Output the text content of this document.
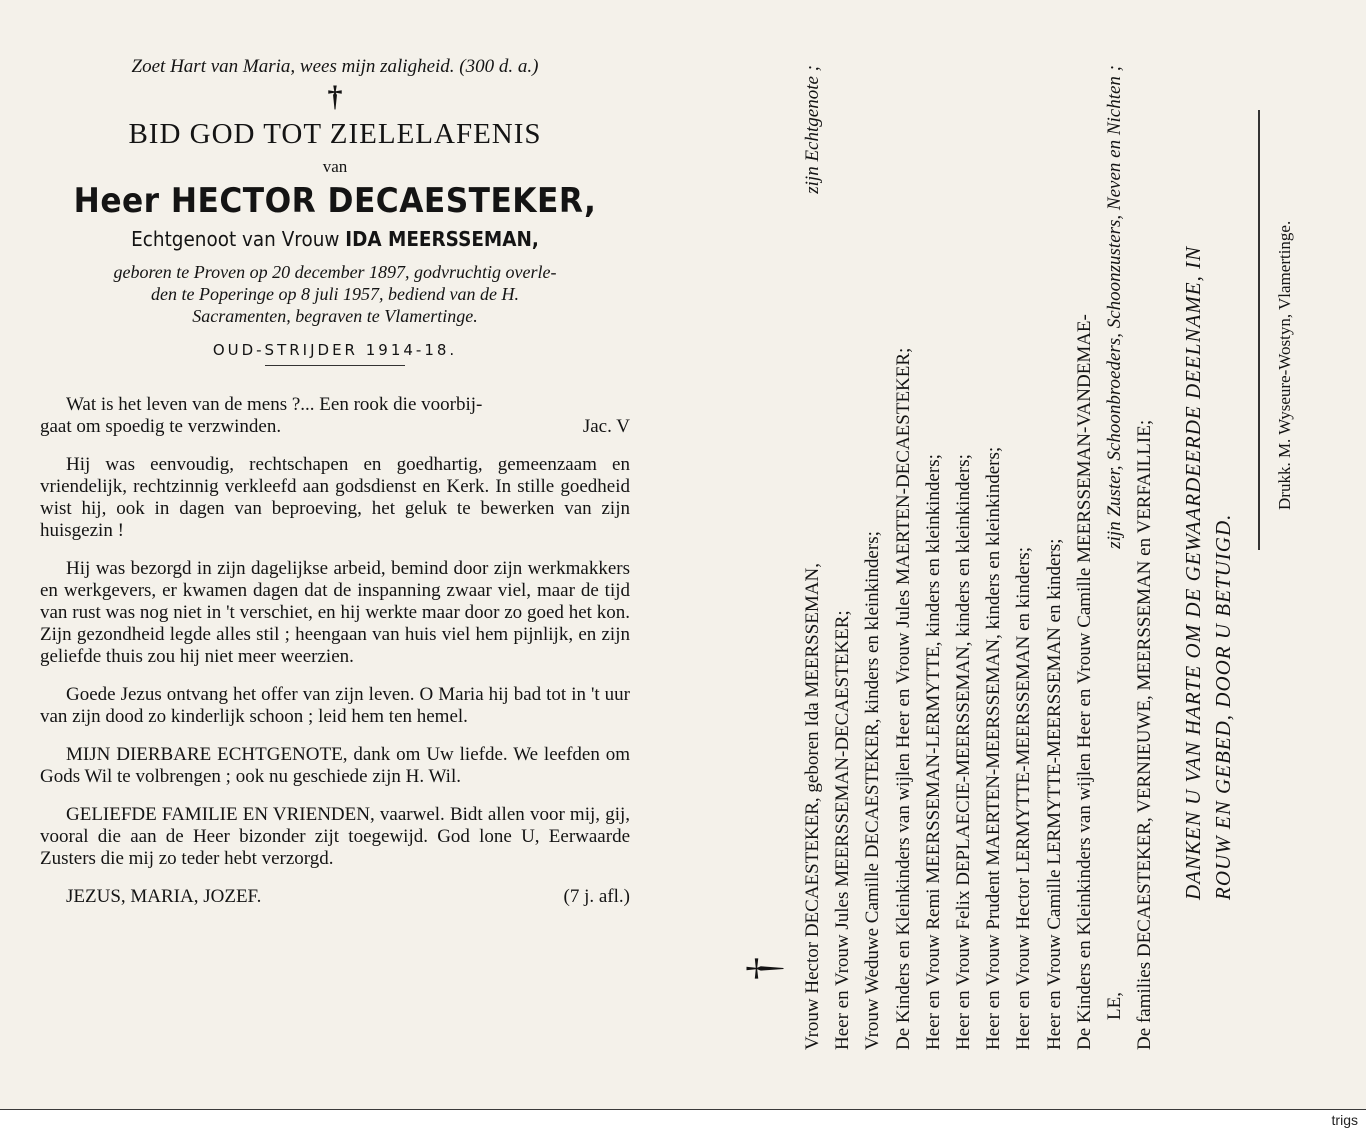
Zoet Hart van Maria, wees mijn zaligheid. (300 d. a.)

†

BID GOD TOT ZIELELAFENIS

van

Heer HECTOR DECAESTEKER,

Echtgenoot van Vrouw IDA MEERSSEMAN,

geboren te Proven op 20 december 1897, godvruchtig overle-

den te Poperinge op 8 juli 1957, bediend van de H.

Sacramenten, begraven te Vlamertinge.

OUD-STRIJDER 1914-18.

Wat is het leven van de mens ?... Een rook die voorbij-
gaat om spoedig te verzwinden.	Jac. V

Hij was eenvoudig, rechtschapen en goedhartig, gemeenzaam en vriendelijk, rechtzinnig verkleefd aan godsdienst en Kerk. In stille goedheid wist hij, ook in dagen van beproeving, het geluk te bewerken van zijn huisgezin !

Hij was bezorgd in zijn dagelijkse arbeid, bemind door zijn werkmakkers en werkgevers, er kwamen dagen dat de inspanning zwaar viel, maar de tijd van rust was nog niet in 't verschiet, en hij werkte maar door zo goed het kon. Zijn gezondheid legde alles stil ; heengaan van huis viel hem pijnlijk, en zijn geliefde thuis zou hij niet meer weerzien.

Goede Jezus ontvang het offer van zijn leven. O Maria hij bad tot in 't uur van zijn dood zo kinderlijk schoon ; leid hem ten hemel.

MIJN DIERBARE ECHTGENOTE, dank om Uw liefde. We leefden om Gods Wil te volbrengen ; ook nu geschiede zijn H. Wil.

GELIEFDE FAMILIE EN VRIENDEN, vaarwel. Bidt allen voor mij, gij, vooral die aan de Heer bizonder zijt toegewijd. God lone U, Eerwaarde Zusters die mij zo teder hebt verzorgd.

JEZUS, MARIA, JOZEF.	(7 j. afl.)
† Vrouw Hector DECAESTEKER, geboren Ida MEERSSEMAN,
zijn Echtgenote ;
Heer en Vrouw Jules MEERSSEMAN-DECAESTEKER; Vrouw Weduwe Camille DECAESTEKER, kinders en kleinkinders; De Kinders en Kleinkinders van wijlen Heer en Vrouw Jules MAERTEN-DECAESTEKER; Heer en Vrouw Remi MEERSSEMAN-LERMYTTE, kinders en kleinkinders; Heer en Vrouw Felix DEPLAECIE-MEERSSEMAN, kinders en kleinkinders; Heer en Vrouw Prudent MAERTEN-MEERSSEMAN, kinders en kleinkinders; Heer en Vrouw Hector LERMYTTE-MEERSSEMAN en kinders; Heer en Vrouw Camille LERMYTTE-MEERSSEMAN en kinders; De Kinders en Kleinkinders van wijlen Heer en Vrouw Camille MEERSSEMAN-VANDEMAE- LE,
zijn Zuster, Schoonbroeders, Schoonzusters, Neven en Nichten ;
De families DECAESTEKER, VERNIEUWE, MEERSSEMAN en VERFAILLIE; DANKEN U VAN HARTE OM DE GEWAARDEERDE DEELNAME, IN ROUW EN GEBED, DOOR U BETUIGD.
Drukk. M. Wyseure-Wostyn, Vlamertinge.
trigs
